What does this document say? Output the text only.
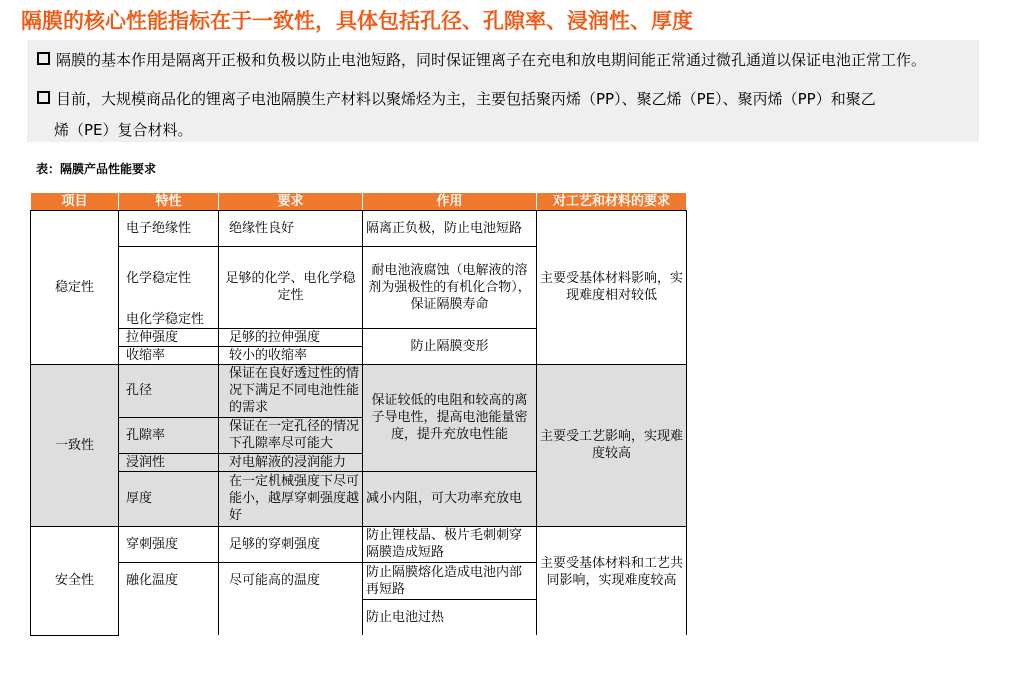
隔膜的核心性能指标在于一致性，具体包括孔径、孔隙率、浸润性、厚度
隔膜的基本作用是隔离开正极和负极以防止电池短路，同时保证锂离子在充电和放电期间能正常通过微孔通道以保证电池正常工作。
目前，大规模商品化的锂离子电池隔膜生产材料以聚烯烃为主，主要包括聚丙烯（PP）、聚乙烯（PE）、聚丙烯（PP）和聚乙
烯（PE）复合材料。
表：隔膜产品性能要求
项目	特性	要求	作用	对工艺和材料的要求
稳定性	电子绝缘性	绝缘性良好	隔离正负极，防止电池短路	主要受基体材料影响，实现难度相对较低
	化学稳定性	足够的化学、电化学稳定性	耐电池液腐蚀（电解液的溶剂为强极性的有机化合物），保证隔膜寿命	
	电化学稳定性			
	拉伸强度	足够的拉伸强度	防止隔膜变形	
	收缩率	较小的收缩率		
一致性	孔径	保证在良好透过性的情况下满足不同电池性能的需求	保证较低的电阻和较高的离子导电性，提高电池能量密度，提升充放电性能	主要受工艺影响，实现难度较高
	孔隙率	保证在一定孔径的情况下孔隙率尽可能大		
	浸润性	对电解液的浸润能力		
	厚度	在一定机械强度下尽可能小，越厚穿刺强度越好	减小内阻，可大功率充放电	
安全性	穿刺强度	足够的穿刺强度	防止锂枝晶、极片毛刺刺穿隔膜造成短路	主要受基体材料和工艺共同影响，实现难度较高
	融化温度	尽可能高的温度	防止隔膜熔化造成电池内部再短路	
			防止电池过热	
